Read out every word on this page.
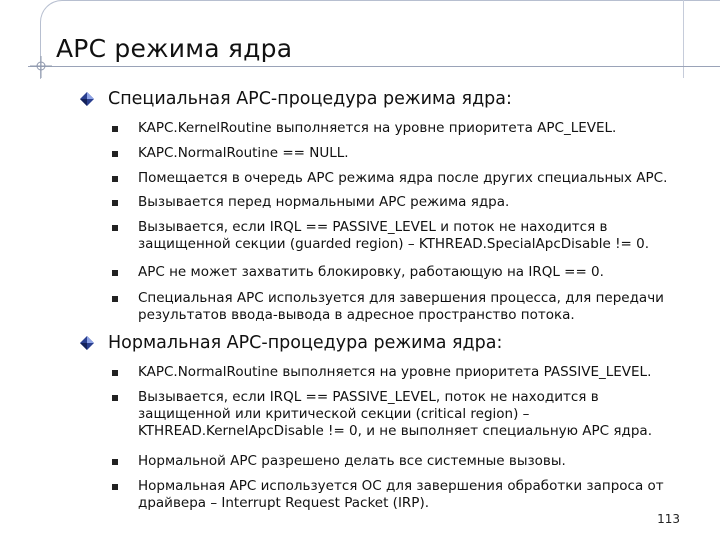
APC режима ядра
Специальная APC-процедура режима ядра:
KAPC.KernelRoutine выполняется на уровне приоритета APC_LEVEL.
KAPC.NormalRoutine == NULL.
Помещается в очередь APC режима ядра после других специальных APC.
Вызывается перед нормальными APC режима ядра.
Вызывается, если IRQL == PASSIVE_LEVEL и поток не находится в
защищенной секции (guarded region) – KTHREAD.SpecialApcDisable != 0.
APC не может захватить блокировку, работающую на IRQL == 0.
Специальная APC используется для завершения процесса, для передачи
результатов ввода-вывода в адресное пространство потока.
Нормальная APC-процедура режима ядра:
KAPC.NormalRoutine выполняется на уровне приоритета PASSIVE_LEVEL.
Вызывается, если IRQL == PASSIVE_LEVEL, поток не находится в
защищенной или критической секции (critical region) –
KTHREAD.KernelApcDisable != 0, и не выполняет специальную APC ядра.
Нормальной APC разрешено делать все системные вызовы.
Нормальная APC используется ОС для завершения обработки запроса от
драйвера – Interrupt Request Packet (IRP).
113
